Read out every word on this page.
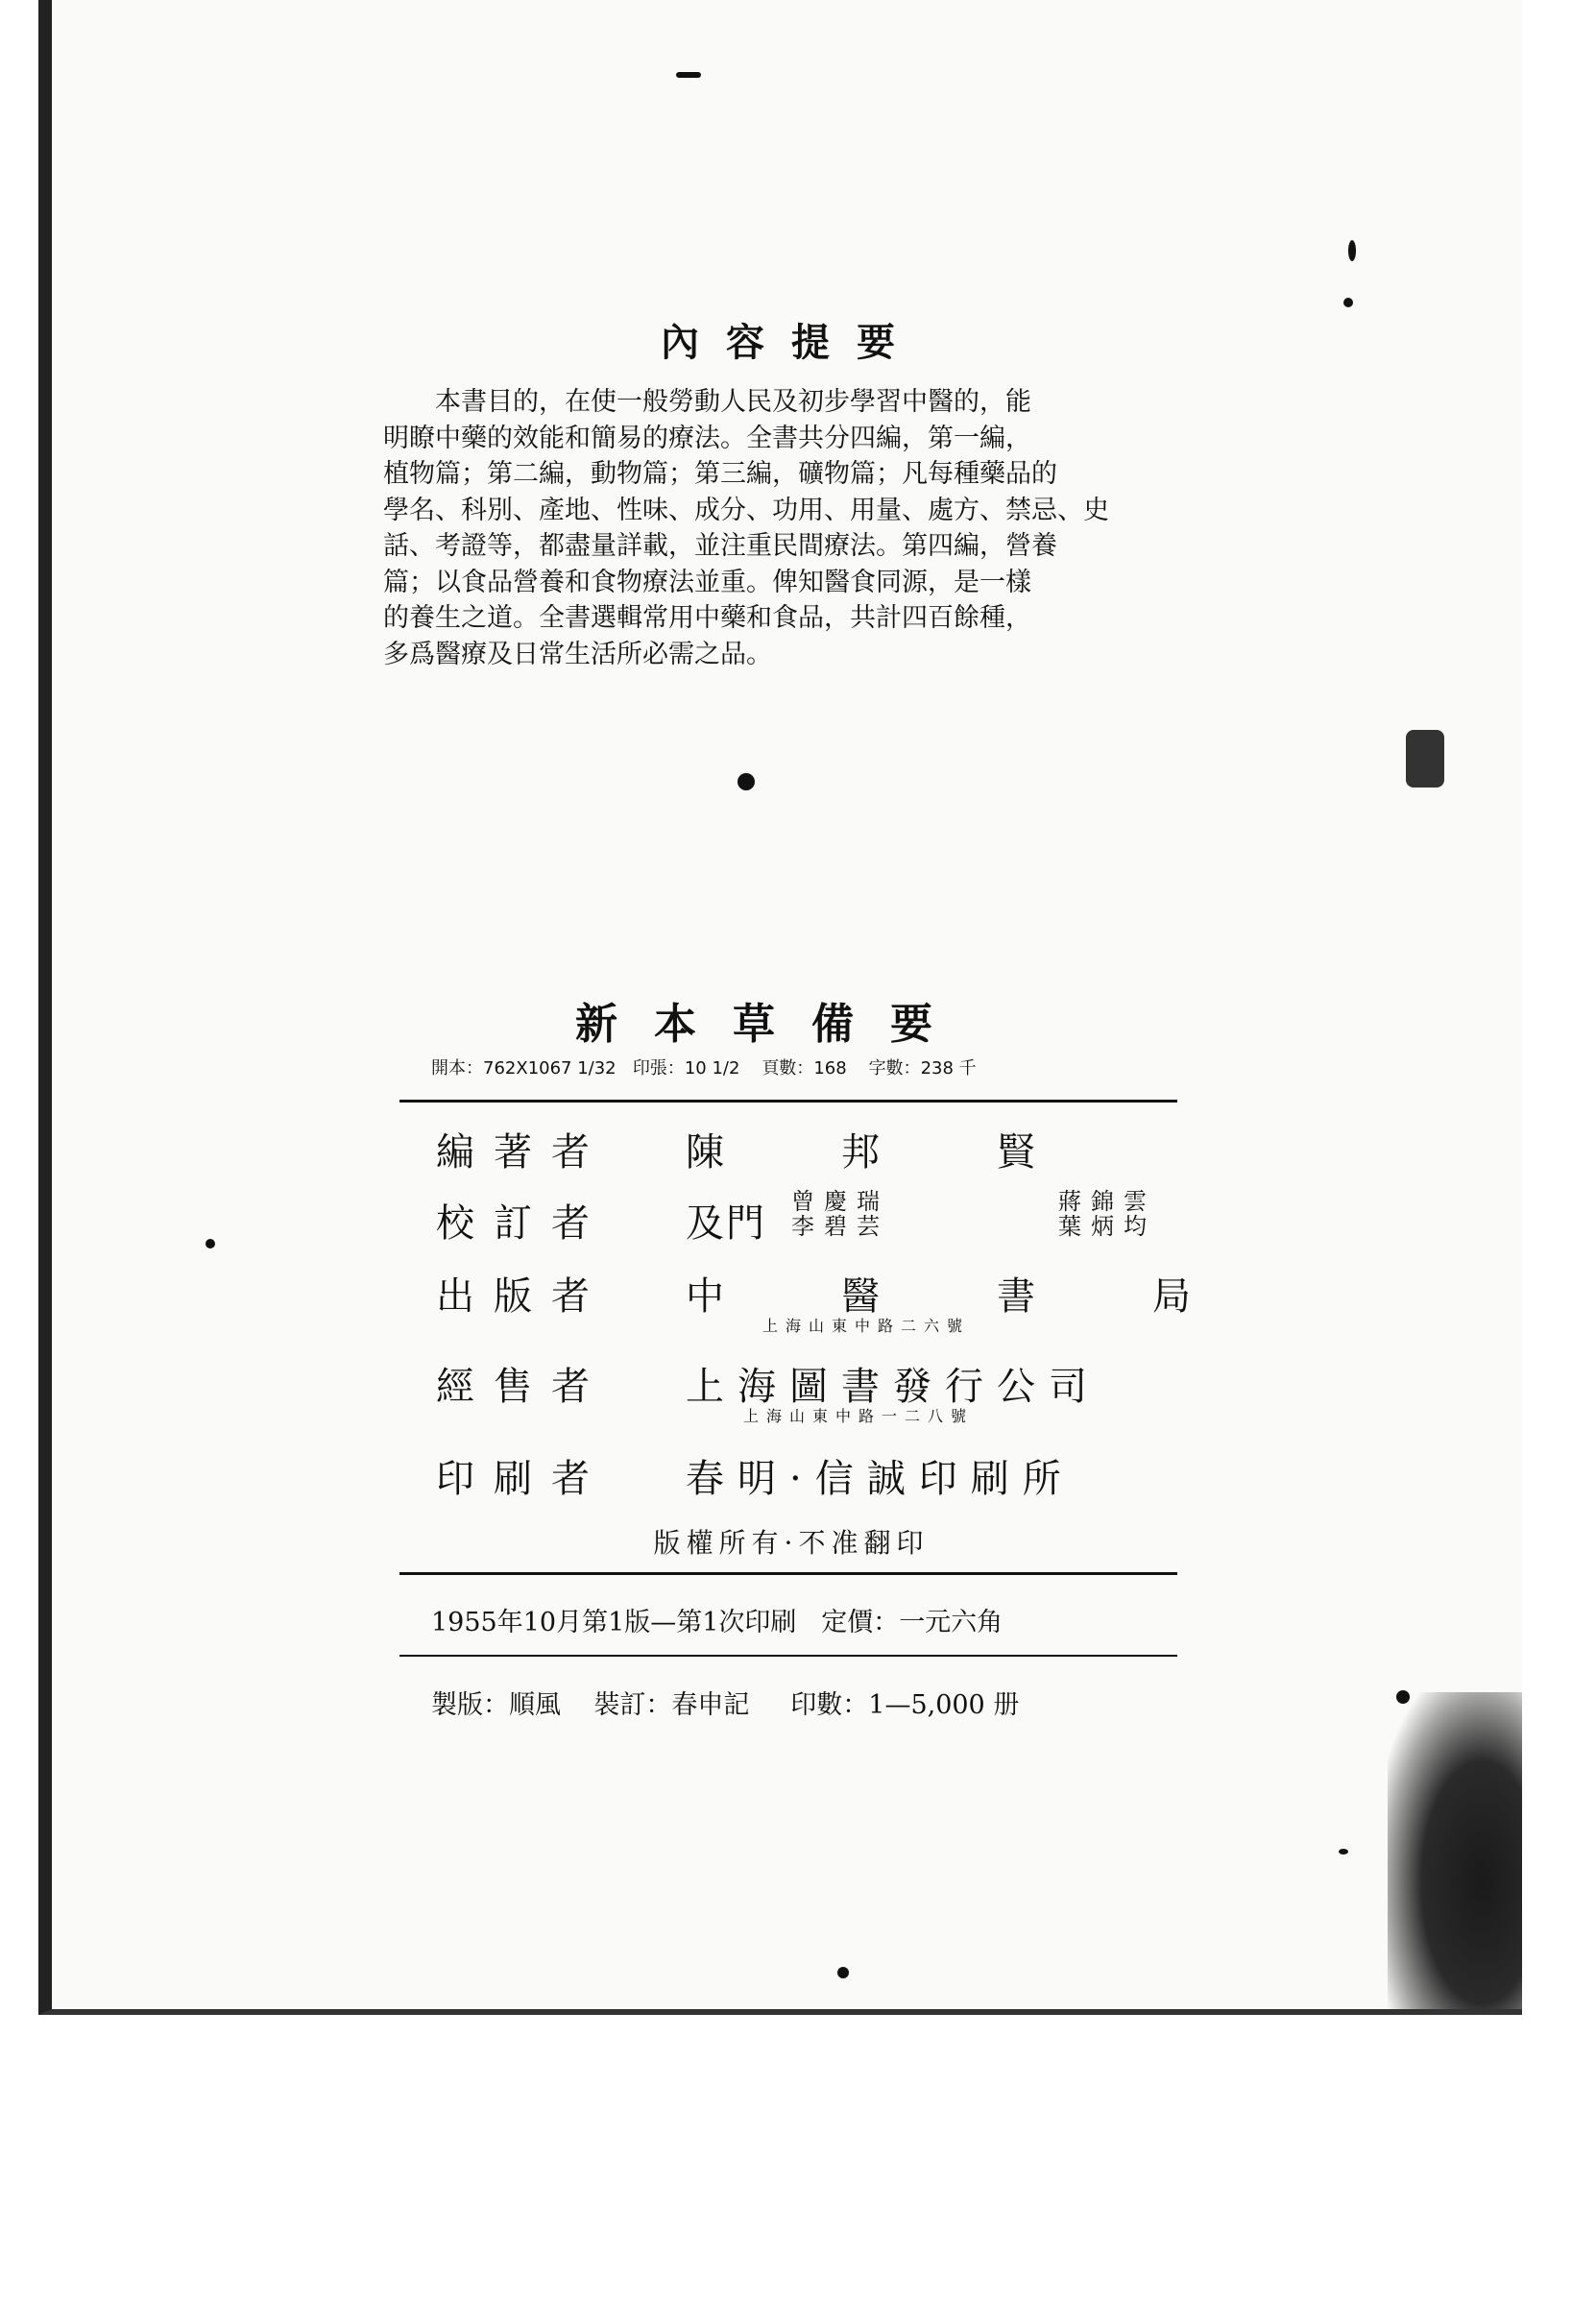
內容提要
本書目的，在使一般勞動人民及初步學習中醫的，能
明瞭中藥的效能和簡易的療法。全書共分四編，第一編，
植物篇；第二編，動物篇；第三編，礦物篇；凡每種藥品的
學名、科別、產地、性味、成分、功用、用量、處方、禁忌、史
話、考證等，都盡量詳載，並注重民間療法。第四編，營養
篇；以食品營養和食物療法並重。俾知醫食同源，是一樣
的養生之道。全書選輯常用中藥和食品，共計四百餘種，
多爲醫療及日常生活所必需之品。
新本草備要
開本：762X1067 1/32 印張：10 1/2 頁數：168 字數：238 千
編著者 陳　　邦　　賢
校訂者 及門 曾慶瑞	蔣錦雲
李碧芸	葉炳均
出版者 中　　醫　　書　　局
上海山東中路二六號
經售者 上海圖書發行公司
上海山東中路一二八號
印刷者 春明·信誠印刷所
版權所有·不准翻印
1955年10月第1版—第1次印刷 定價：一元六角
製版：順風 裝訂：春申記 印數：1—5,000 册
